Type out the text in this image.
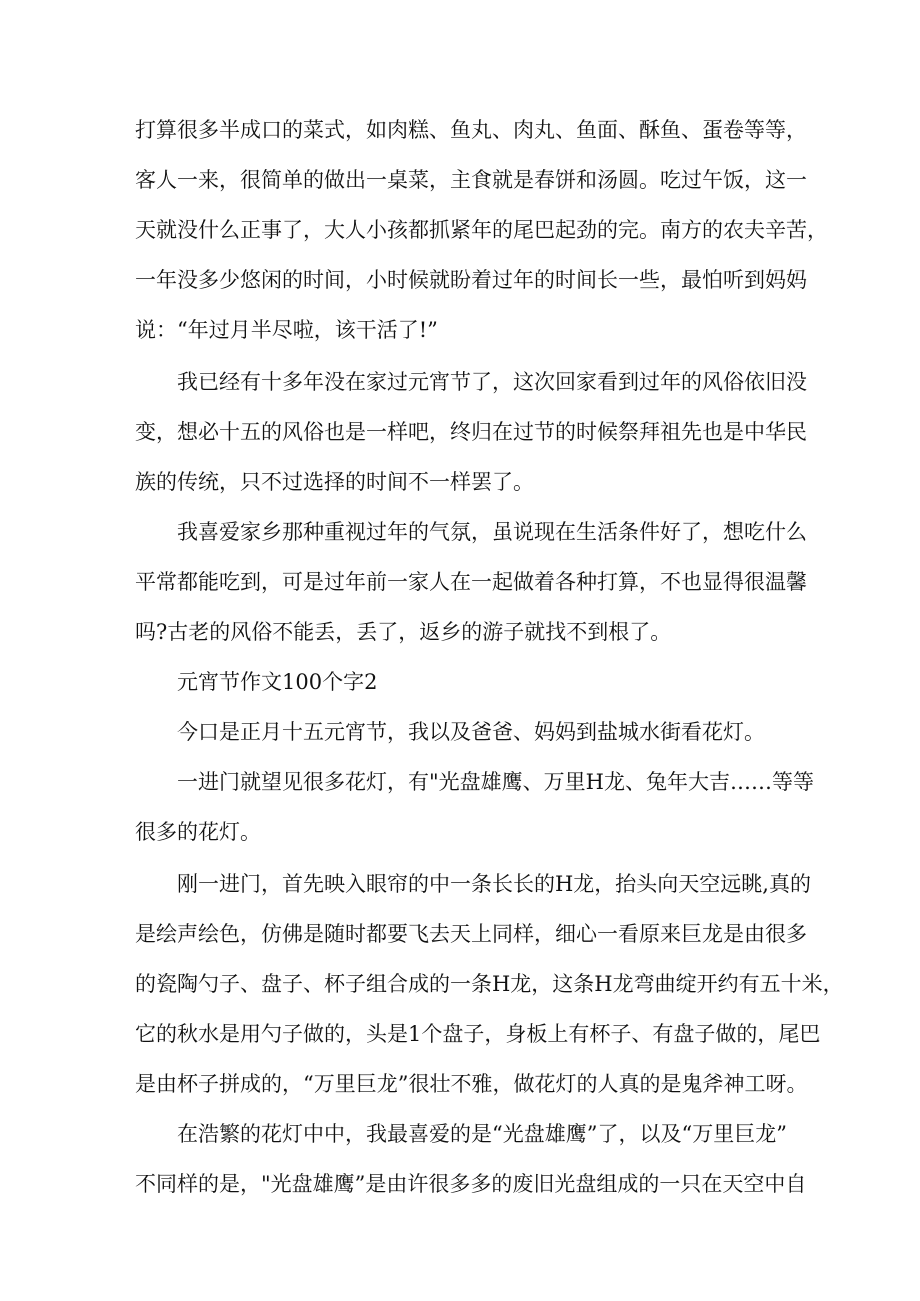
打算很多半成口的菜式，如肉糕、鱼丸、肉丸、鱼面、酥鱼、蛋卷等等，

客人一来，很简单的做出一桌菜，主食就是春饼和汤圆。吃过午饭，这一

天就没什么正事了，大人小孩都抓紧年的尾巴起劲的完。南方的农夫辛苦，

一年没多少悠闲的时间，小时候就盼着过年的时间长一些，最怕听到妈妈

说：“年过月半尽啦，该干活了!”

我已经有十多年没在家过元宵节了，这次回家看到过年的风俗依旧没

变，想必十五的风俗也是一样吧，终归在过节的时候祭拜祖先也是中华民

族的传统，只不过选择的时间不一样罢了。

我喜爱家乡那种重视过年的气氛，虽说现在生活条件好了，想吃什么

平常都能吃到，可是过年前一家人在一起做着各种打算，不也显得很温馨

吗?古老的风俗不能丢，丢了，返乡的游子就找不到根了。

元宵节作文100个字2

今口是正月十五元宵节，我以及爸爸、妈妈到盐城水街看花灯。

一进门就望见很多花灯，有"光盘雄鹰、万里H龙、兔年大吉……等等

很多的花灯。

刚一进门，首先映入眼帘的中一条长长的H龙，抬头向天空远眺,真的

是绘声绘色，仿佛是随时都要飞去天上同样，细心一看原来巨龙是由很多

的瓷陶勺子、盘子、杯子组合成的一条H龙，这条H龙弯曲绽开约有五十米，

它的秋水是用勺子做的，头是1个盘子，身板上有杯子、有盘子做的，尾巴

是由杯子拼成的，“万里巨龙”很壮不雅，做花灯的人真的是鬼斧神工呀。

在浩繁的花灯中中，我最喜爱的是“光盘雄鹰”了，以及“万里巨龙”

不同样的是，"光盘雄鹰”是由许很多多的废旧光盘组成的一只在天空中自
